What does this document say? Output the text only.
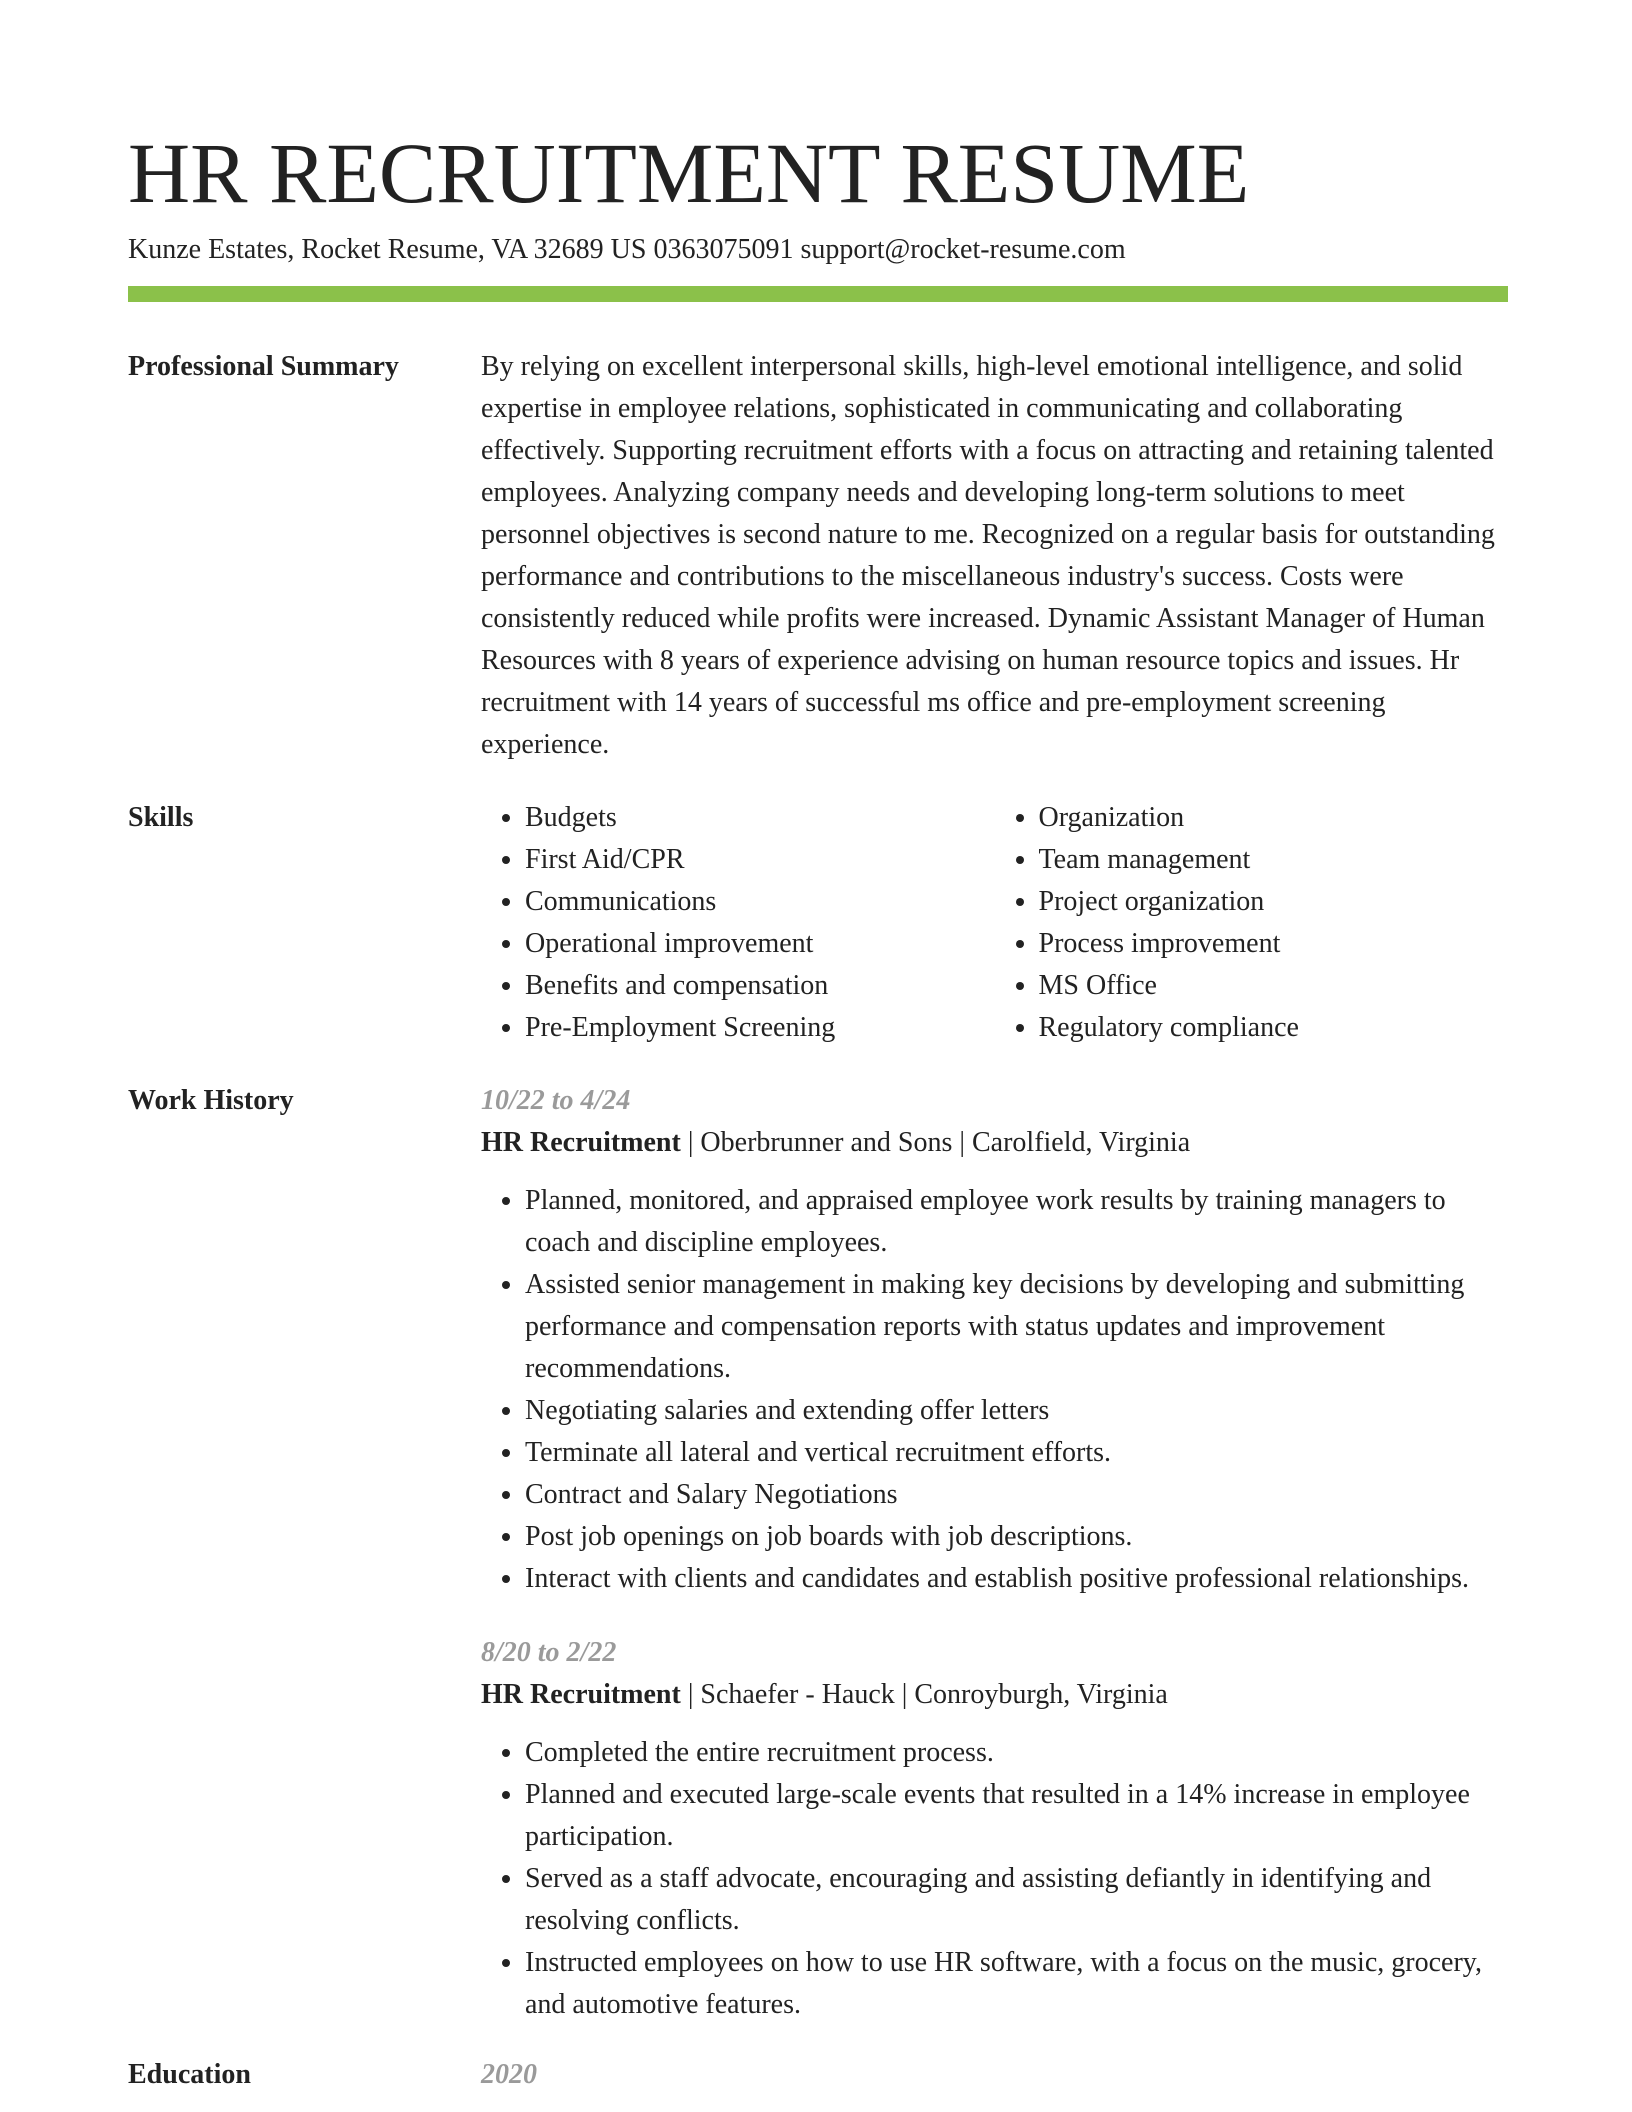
HR RECRUITMENT RESUME
Kunze Estates, Rocket Resume, VA 32689 US 0363075091 support@rocket-resume.com
Professional Summary	By relying on excellent interpersonal skills, high-level emotional intelligence, and solid expertise in employee relations, sophisticated in communicating and collaborating effectively. Supporting recruitment efforts with a focus on attracting and retaining talented employees. Analyzing company needs and developing long-term solutions to meet personnel objectives is second nature to me. Recognized on a regular basis for outstanding performance and contributions to the miscellaneous industry's success. Costs were consistently reduced while profits were increased. Dynamic Assistant Manager of Human Resources with 8 years of experience advising on human resource topics and issues. Hr recruitment with 14 years of successful ms office and pre-employment screening experience.

Skills
•	Budgets
• First Aid/CPR
• Communications
• Operational improvement
• Benefits and compensation
• Pre-Employment Screening
• Organization
• Team management
• Project organization
• Process improvement
• MS Office
• Regulatory compliance
Work History	10/22 to 4/24
HR Recruitment | Oberbrunner and Sons | Carolfield, Virginia
• Planned, monitored, and appraised employee work results by training managers to coach and discipline employees.
• Assisted senior management in making key decisions by developing and submitting performance and compensation reports with status updates and improvement recommendations.
• Negotiating salaries and extending offer letters
• Terminate all lateral and vertical recruitment efforts.
• Contract and Salary Negotiations
• Post job openings on job boards with job descriptions.
• Interact with clients and candidates and establish positive professional relationships.
8/20 to 2/22
HR Recruitment | Schaefer - Hauck | Conroyburgh, Virginia
• Completed the entire recruitment process.
• Planned and executed large-scale events that resulted in a 14% increase in employee participation.
• Served as a staff advocate, encouraging and assisting defiantly in identifying and resolving conflicts.
• Instructed employees on how to use HR software, with a focus on the music, grocery, and automotive features.
Education	2020
